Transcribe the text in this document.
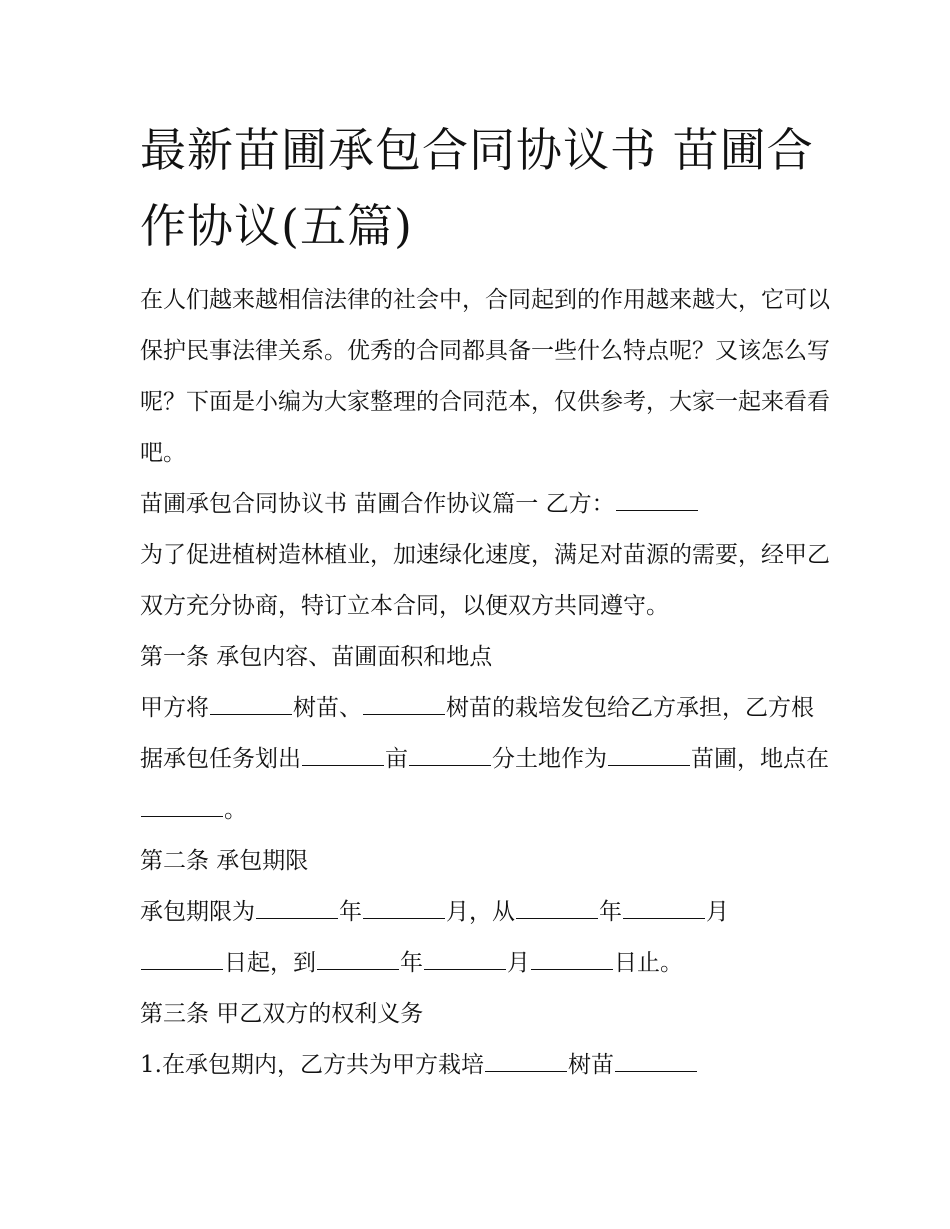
最新苗圃承包合同协议书 苗圃合作协议(五篇)

在人们越来越相信法律的社会中，合同起到的作用越来越大，它可以保护民事法律关系。优秀的合同都具备一些什么特点呢？又该怎么写呢？下面是小编为大家整理的合同范本，仅供参考，大家一起来看看吧。

苗圃承包合同协议书 苗圃合作协议篇一 乙方：

为了促进植树造林植业，加速绿化速度，满足对苗源的需要，经甲乙双方充分协商，特订立本合同，以便双方共同遵守。

第一条 承包内容、苗圃面积和地点

甲方将	树苗、	树苗的栽培发包给乙方承担，乙方根据承包任务划出	亩	分土地作为	苗圃，地点在。

第二条 承包期限

承包期限为	年	月，从	年	月
日起，到	年	月	日止。

第三条 甲乙双方的权利义务

1.在承包期内，乙方共为甲方栽培	树苗
